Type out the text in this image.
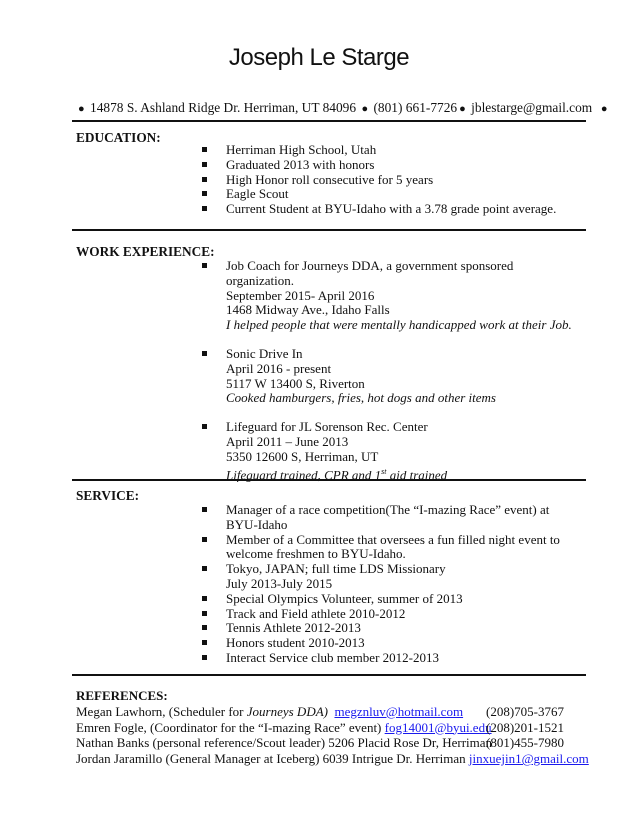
Joseph Le Starge
● 14878 S. Ashland Ridge Dr. Herriman, UT 84096 ● (801) 661-7726 ● jblestarge@gmail.com ●
EDUCATION:
Herriman High School, Utah
Graduated 2013 with honors
High Honor roll consecutive for 5 years
Eagle Scout
Current Student at BYU-Idaho with a 3.78 grade point average.
WORK EXPERIENCE:
Job Coach for Journeys DDA, a government sponsored organization.
September 2015- April 2016
1468 Midway Ave., Idaho Falls
I helped people that were mentally handicapped work at their Job.
Sonic Drive In
April 2016 - present
5117 W 13400 S, Riverton
Cooked hamburgers, fries, hot dogs and other items
Lifeguard for JL Sorenson Rec. Center
April 2011 – June 2013
5350 12600 S, Herriman, UT
Lifeguard trained, CPR and 1st aid trained
SERVICE:
Manager of a race competition(The “I-mazing Race” event) at BYU-Idaho
Member of a Committee that oversees a fun filled night event to welcome freshmen to BYU-Idaho.
Tokyo, JAPAN; full time LDS Missionary July 2013-July 2015
Special Olympics Volunteer, summer of 2013
Track and Field athlete 2010-2012
Tennis Athlete 2012-2013
Honors student 2010-2013
Interact Service club member 2012-2013
REFERENCES:
Megan Lawhorn, (Scheduler for Journeys DDA) megznluv@hotmail.com (208)705-3767
Emren Fogle, (Coordinator for the “I-mazing Race” event) fog14001@byui.edu
(208)201-1521
Nathan Banks (personal reference/Scout leader) 5206 Placid Rose Dr, Herriman
(801)455-7980
Jordan Jaramillo (General Manager at Iceberg) 6039 Intrigue Dr. Herriman jinxuejin1@gmail.com
